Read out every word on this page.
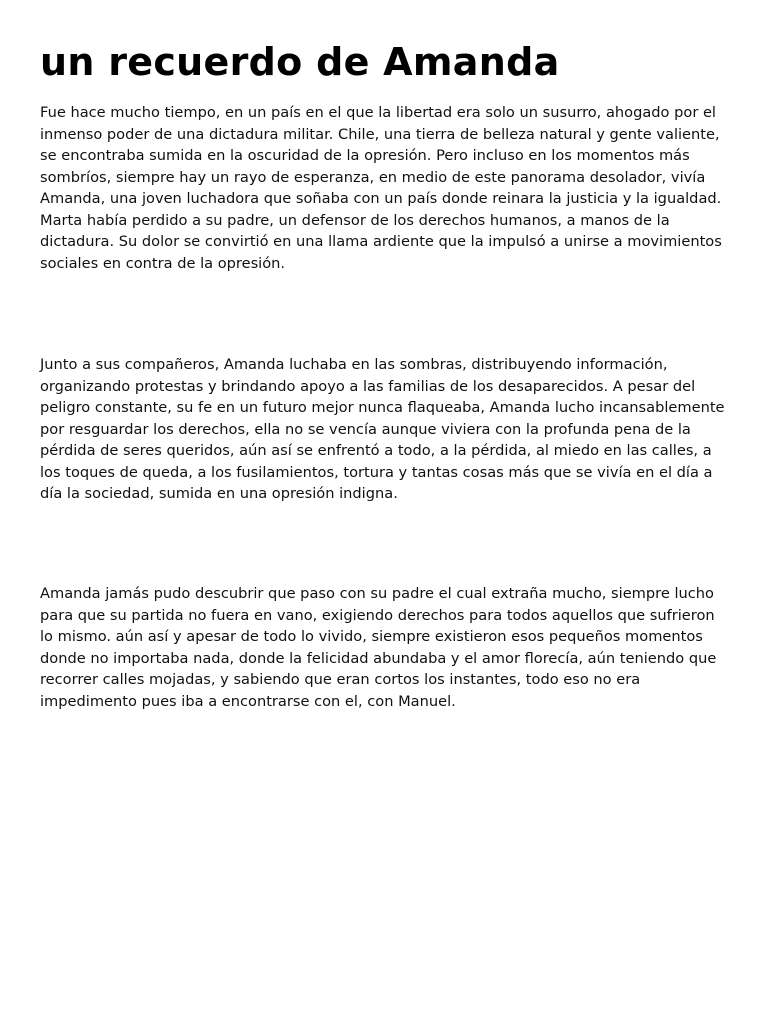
un recuerdo de Amanda

Fue hace mucho tiempo, en un país en el que la libertad era solo un susurro, ahogado por el inmenso poder de una dictadura militar. Chile, una tierra de belleza natural y gente valiente, se encontraba sumida en la oscuridad de la opresión. Pero incluso en los momentos más sombríos, siempre hay un rayo de esperanza, en medio de este panorama desolador, vivía Amanda, una joven luchadora que soñaba con un país donde reinara la justicia y la igualdad. Marta había perdido a su padre, un defensor de los derechos humanos, a manos de la dictadura. Su dolor se convirtió en una llama ardiente que la impulsó a unirse a movimientos sociales en contra de la opresión.

Junto a sus compañeros, Amanda luchaba en las sombras, distribuyendo información, organizando protestas y brindando apoyo a las familias de los desaparecidos. A pesar del peligro constante, su fe en un futuro mejor nunca flaqueaba, Amanda lucho incansablemente por resguardar los derechos, ella no se vencía aunque viviera con la profunda pena de la pérdida de seres queridos, aún así se enfrentó a todo, a la pérdida, al miedo en las calles, a los toques de queda, a los fusilamientos, tortura y tantas cosas más que se vivía en el día a día la sociedad, sumida en una opresión indigna.

Amanda jamás pudo descubrir que paso con su padre el cual extraña mucho, siempre lucho para que su partida no fuera en vano, exigiendo derechos para todos aquellos que sufrieron lo mismo. aún así y apesar de todo lo vivido, siempre existieron esos pequeños momentos donde no importaba nada, donde la felicidad abundaba y el amor florecía, aún teniendo que recorrer calles mojadas, y sabiendo que eran cortos los instantes, todo eso no era impedimento pues iba a encontrarse con el, con Manuel.
